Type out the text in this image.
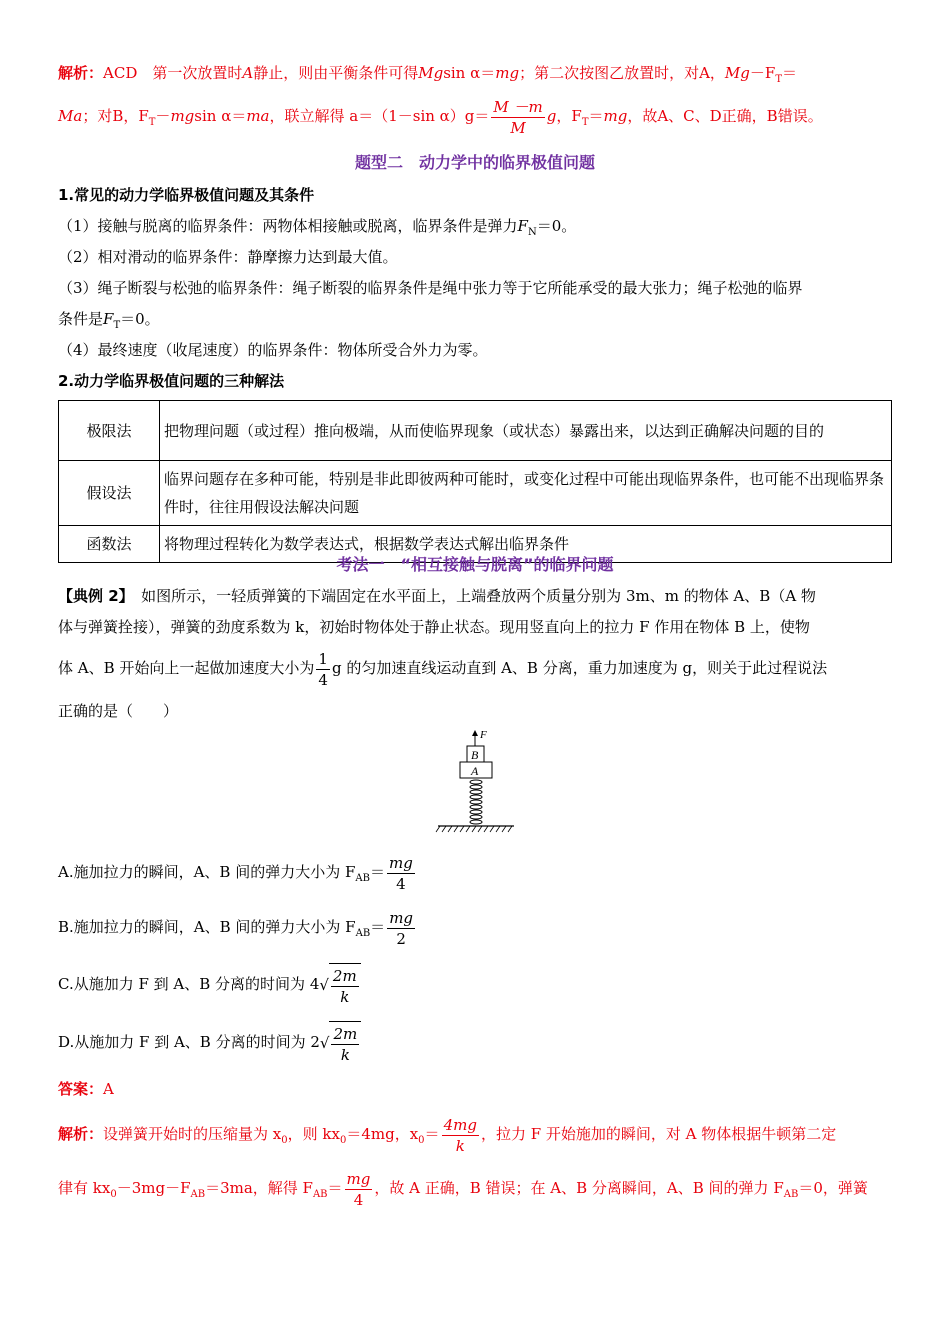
解析：ACD　第一次放置时A静止，则由平衡条件可得Mgsin α＝mg；第二次按图乙放置时，对A，$Mg-F_T=$
Ma；对B，$F_T-mgsin$ α＝ma，联立解得 a＝（1－sin $\alpha)g= \frac{M -m}{M}$ g，$F_T=mg$，故A、C、D正确，B错误。
题型二　动力学中的临界极值问题
1.常见的动力学临界极值问题及其条件
（1）接触与脱离的临界条件：两物体相接触或脱离，临界条件是弹力$F_N=0$。
（2）相对滑动的临界条件：静摩擦力达到最大值。
（3）绳子断裂与松弛的临界条件：绳子断裂的临界条件是绳中张力等于它所能承受的最大张力；绳子松弛的临界
条件是$F_T=0$。
（4）最终速度（收尾速度）的临界条件：物体所受合外力为零。
2.动力学临界极值问题的三种解法
极限法	把物理问题（或过程）推向极端，从而使临界现象（或状态）暴露出来，以达到正确解决问题的目的
假设法	临界问题存在多种可能，特别是非此即彼两种可能时，或变化过程中可能出现临界条件，也可能不出现临界条件时，往往用假设法解决问题
函数法	将物理过程转化为数学表达式，根据数学表达式解出临界条件
考法一　“相互接触与脱离”的临界问题
【典例 2】　如图所示，一轻质弹簧的下端固定在水平面上，上端叠放两个质量分别为 3m、m 的物体 A、B（A 物
体与弹簧拴接），弹簧的劲度系数为 k，初始时物体处于静止状态。现用竖直向上的拉力 F 作用在物体 B 上，使物
体 A、B 开始向上一起做加速度大小为 $\frac{1}{4}$ g 的匀加速直线运动直到 A、B 分离，重力加速度为 g，则关于此过程说法
正确的是（　　）
F
B
A
A.施加拉力的瞬间，A、B 间的弹力大小为 $F_{AB}= \frac{mg}{4}$
B.施加拉力的瞬间，A、B 间的弹力大小为 $F_{AB}= \frac{mg}{2}$
C.从施加力 F 到 A、B 分离的时间为 $4√ \frac{2m}{k}$
D.从施加力 F 到 A、B 分离的时间为 $2√ \frac{2m}{k}$
答案：A
解析：设弹簧开始时的压缩量为 $x_0$，则 $kx_0=4mg$，$x_0= \frac{4mg}{k}$ ，拉力 F 开始施加的瞬间，对 A 物体根据牛顿第二定
律有 $kx_0-3mg-F_{AB}=3ma$，解得 $F_{AB}= \frac{mg}{4}$ ，故 A 正确，B 错误；在 A、B 分离瞬间，A、B 间的弹力 $F_{AB}=0$，弹簧
